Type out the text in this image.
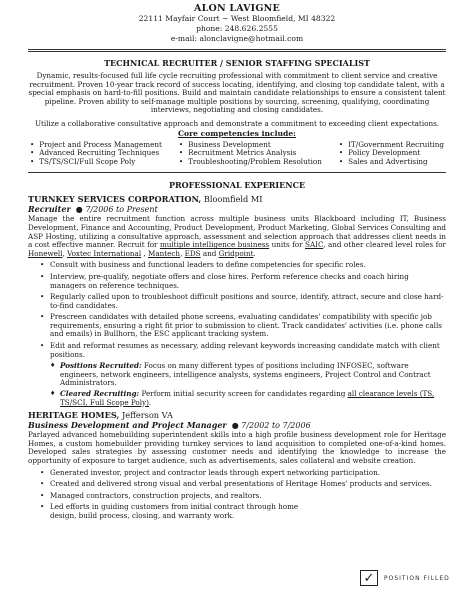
ALON LAVIGNE
22111 Mayfair Court ~ West Bloomfield, MI 48322
phone: 248.626.2555
e-mail: alonclavigne@hotmail.com
TECHNICAL RECRUITER / SENIOR STAFFING SPECIALIST
Dynamic, results-focused full life cycle recruiting professional with commitment to client service and creative recruitment. Proven 10-year track record of success locating, identifying, and closing top candidate talent, with a special emphasis on hard-to-fill positions. Build and maintain candidate relationships to ensure a consistent talent pipeline. Proven ability to self-manage multiple positions by sourcing, screening, qualifying, coordinating interviews, negotiating and closing candidates.
Utilize a collaborative consultative approach and demonstrate a commitment to exceeding client expectations.
Core competencies include:
• Project and Process Management
• Advanced Recruiting Techniques
• TS/TS/SCI/Full Scope Poly
• Business Development
• Recruitment Metrics Analysis
• Troubleshooting/Problem Resolution
• IT/Government Recruiting
• Policy Development
• Sales and Advertising
PROFESSIONAL EXPERIENCE
TURNKEY SERVICES CORPORATION, Bloomfield MI
Recruiter  ● 7/2006 to Present
Manage the entire recruitment function across multiple business units Blackboard including IT, Business Development, Finance and Accounting, Product Development, Product Marketing, Global Services Consulting and ASP Hosting, utilizing a consultative approach, assessment and selection approach that addresses client needs in a cost effective manner. Recruit for multiple intelligence business units for SAIC, and other cleared level roles for Honewell, Voxtec International , Mantech, EDS and Gridpoint.
• Consult with business and functional leaders to define competencies for specific roles.
• Interview, pre-qualify, negotiate offers and close hires. Perform reference checks and coach hiring managers on reference techniques.
• Regularly called upon to troubleshoot difficult positions and source, identify, attract, secure and close hard-to-find candidates.
• Prescreen candidates with detailed phone screens, evaluating candidates' compatibility with specific job requirements, ensuring a right fit prior to submission to client. Track candidates' activities (i.e. phone calls and emails) in Bullhorn, the ESC applicant tracking system.
• Edit and reformat resumes as necessary, adding relevant keywords increasing candidate match with client positions.
♦ Positions Recruited: Focus on many different types of positions including INFOSEC, software engineers, network engineers, intelligence analysts, systems engineers, Project Control and Contract Administrators.
♦ Cleared Recruiting: Perform initial security screen for candidates regarding all clearance levels (TS, TS/SCI, Full Scope Poly).
HERITAGE HOMES, Jefferson VA
Business Development and Project Manager  ● 7/2002 to 7/2006
Parlayed advanced homebuilding superintendent skills into a high profile business development role for Heritage Homes, a custom homebuilder providing turnkey services to land acquisition to completed one-of-a-kind homes. Developed sales strategies by assessing customer needs and identifying the knowledge to increase the opportunity of exposure to target audience, such as advertisements, sales collateral and website creation.
• Generated investor, project and contractor leads through expert networking participation.
• Created and delivered strong visual and verbal presentations of Heritage Homes' products and services.
• Managed contractors, construction projects, and realtors.
• Led efforts in guiding customers from initial contract through home design, build process, closing, and warranty work.
✓	POSITION FILLED
